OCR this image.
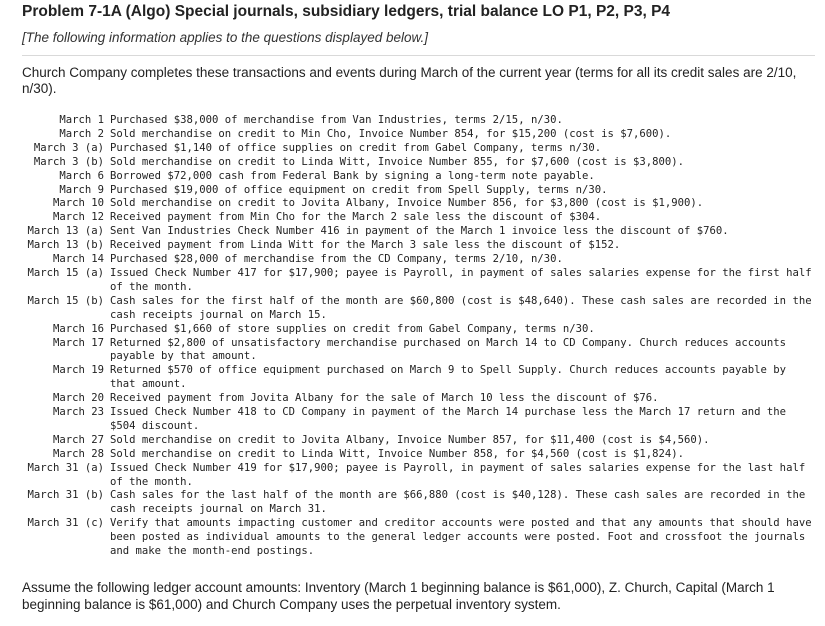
Problem 7-1A (Algo) Special journals, subsidiary ledgers, trial balance LO P1, P2, P3, P4
[The following information applies to the questions displayed below.]
Church Company completes these transactions and events during March of the current year (terms for all its credit sales are 2/10, n/30).
March 1 Purchased $38,000 of merchandise from Van Industries, terms 2/15, n/30.
March 2 Sold merchandise on credit to Min Cho, Invoice Number 854, for $15,200 (cost is $7,600).
March 3 (a) Purchased $1,140 of office supplies on credit from Gabel Company, terms n/30.
March 3 (b) Sold merchandise on credit to Linda Witt, Invoice Number 855, for $7,600 (cost is $3,800).
March 6 Borrowed $72,000 cash from Federal Bank by signing a long-term note payable.
March 9 Purchased $19,000 of office equipment on credit from Spell Supply, terms n/30.
March 10 Sold merchandise on credit to Jovita Albany, Invoice Number 856, for $3,800 (cost is $1,900).
March 12 Received payment from Min Cho for the March 2 sale less the discount of $304.
March 13 (a) Sent Van Industries Check Number 416 in payment of the March 1 invoice less the discount of $760.
March 13 (b) Received payment from Linda Witt for the March 3 sale less the discount of $152.
March 14 Purchased $28,000 of merchandise from the CD Company, terms 2/10, n/30.
March 15 (a) Issued Check Number 417 for $17,900; payee is Payroll, in payment of sales salaries expense for the first half of the month.
March 15 (b) Cash sales for the first half of the month are $60,800 (cost is $48,640). These cash sales are recorded in the cash receipts journal on March 15.
March 16 Purchased $1,660 of store supplies on credit from Gabel Company, terms n/30.
March 17 Returned $2,800 of unsatisfactory merchandise purchased on March 14 to CD Company. Church reduces accounts payable by that amount.
March 19 Returned $570 of office equipment purchased on March 9 to Spell Supply. Church reduces accounts payable by that amount.
March 20 Received payment from Jovita Albany for the sale of March 10 less the discount of $76.
March 23 Issued Check Number 418 to CD Company in payment of the March 14 purchase less the March 17 return and the $504 discount.
March 27 Sold merchandise on credit to Jovita Albany, Invoice Number 857, for $11,400 (cost is $4,560).
March 28 Sold merchandise on credit to Linda Witt, Invoice Number 858, for $4,560 (cost is $1,824).
March 31 (a) Issued Check Number 419 for $17,900; payee is Payroll, in payment of sales salaries expense for the last half of the month.
March 31 (b) Cash sales for the last half of the month are $66,880 (cost is $40,128). These cash sales are recorded in the cash receipts journal on March 31.
March 31 (c) Verify that amounts impacting customer and creditor accounts were posted and that any amounts that should have been posted as individual amounts to the general ledger accounts were posted. Foot and crossfoot the journals and make the month-end postings.
Assume the following ledger account amounts: Inventory (March 1 beginning balance is $61,000), Z. Church, Capital (March 1 beginning balance is $61,000) and Church Company uses the perpetual inventory system.
